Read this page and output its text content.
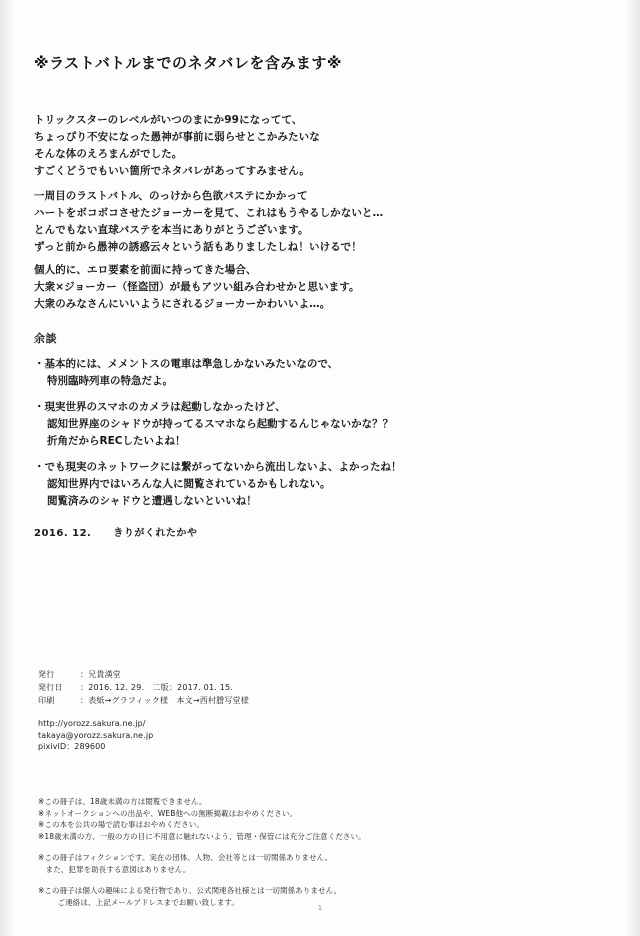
※ラストバトルまでのネタバレを含みます※
トリックスターのレベルがいつのまにか99になってて、
ちょっぴり不安になった愚神が事前に弱らせとこかみたいな
そんな体のえろまんがでした。
すごくどうでもいい箇所でネタバレがあってすみません。
一周目のラストバトル、のっけから色欲バステにかかって
ハートをボコボコさせたジョーカーを見て、これはもうやるしかないと…
とんでもない直球バステを本当にありがとうございます。
ずっと前から愚神の誘惑云々という話もありましたしね！いけるで！
個人的に、エロ要素を前面に持ってきた場合、
大衆×ジョーカー（怪盗団）が最もアツい組み合わせかと思います。
大衆のみなさんにいいようにされるジョーカーかわいいよ…。
余談
・基本的には、メメントスの電車は準急しかないみたいなので、
特別臨時列車の特急だよ。
・現実世界のスマホのカメラは起動しなかったけど、
認知世界座のシャドウが持ってるスマホなら起動するんじゃないかな？？
折角だからRECしたいよね！
・でも現実のネットワークには繋がってないから流出しないよ、よかったね！
認知世界内ではいろんな人に閲覧されているかもしれない。
閲覧済みのシャドウと遭遇しないといいね！
2016. 12. きりがくれたかや
発行	：兄貴漢堂
発行日 ：2016. 12. 29.　二版：2017. 01. 15.
印刷	：表紙→グラフィック様　本文→西村謄写堂様
http://yorozz.sakura.ne.jp/
takaya@yorozz.sakura.ne.jp
pixivID：289600
※この冊子は、18歳未満の方は閲覧できません。
※ネットオークションへの出品や、WEB他への無断掲載はおやめください。
※この本を公共の場で読む事はおやめください。
※18歳未満の方、一般の方の目に不用意に触れないよう、管理・保管には充分ご注意ください。
※この冊子はフィクションです。実在の団体、人物、会社等とは一切関係ありません。
　また、犯罪を助長する意図はありません。
※この冊子は個人の趣味による発行物であり、公式関連各社様とは一切関係ありません。
　ご連絡は、上記メールアドレスまでお願い致します。
1
